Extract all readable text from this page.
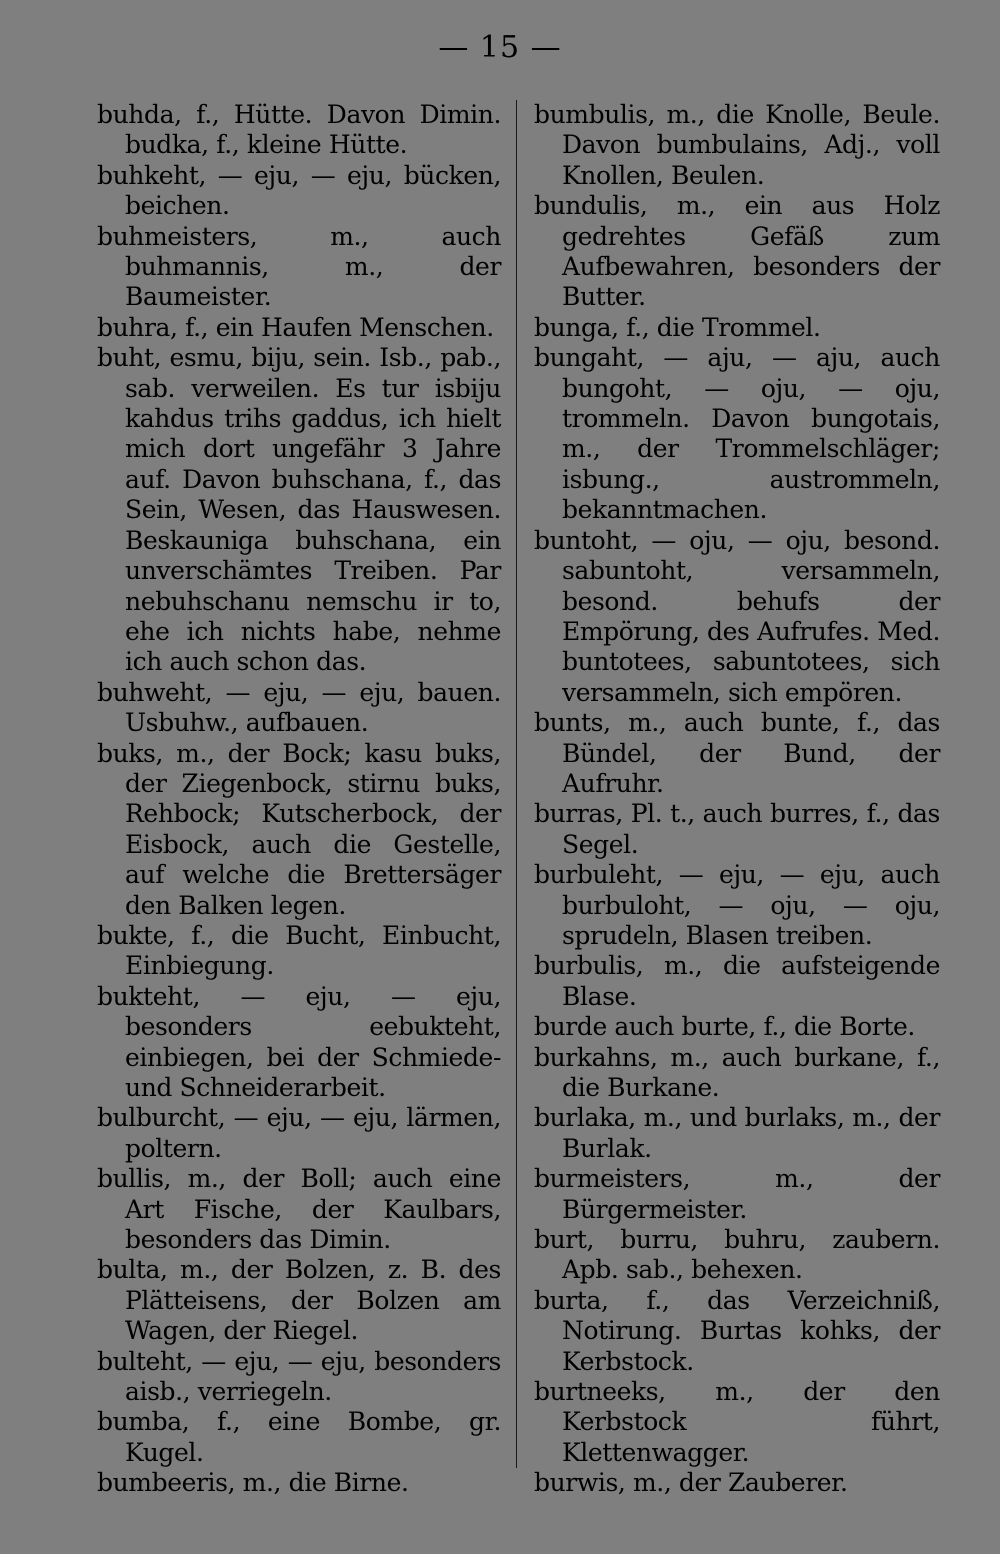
— 15 —

buhda, f., Hütte. Davon Dimin. budka, f., kleine Hütte.

buhkeht, — eju, — eju, bücken, beichen.

buhmeisters, m., auch buhmannis, m., der Baumeister.

buhra, f., ein Haufen Menschen.

buht, esmu, biju, sein. Isb., pab., sab. verweilen. Es tur isbiju kahdus trihs gaddus, ich hielt mich dort ungefähr 3 Jahre auf. Davon buhschana, f., das Sein, Wesen, das Hauswesen. Beskauniga buhschana, ein unverschämtes Treiben. Par nebuhschanu nemschu ir to, ehe ich nichts habe, nehme ich auch schon das.

buhweht, — eju, — eju, bauen. Usbuhw., aufbauen.

buks, m., der Bock; kasu buks, der Ziegenbock, stirnu buks, Rehbock; Kutscherbock, der Eisbock, auch die Gestelle, auf welche die Brettersäger den Balken legen.

bukte, f., die Bucht, Einbucht, Einbiegung.

bukteht, — eju, — eju, besonders eebukteht, einbiegen, bei der Schmiede- und Schneiderarbeit.

bulburcht, — eju, — eju, lärmen, poltern.

bullis, m., der Boll; auch eine Art Fische, der Kaulbars, besonders das Dimin.

bulta, m., der Bolzen, z. B. des Plätteisens, der Bolzen am Wagen, der Riegel.

bulteht, — eju, — eju, besonders aisb., verriegeln.

bumba, f., eine Bombe, gr. Kugel.

bumbeeris, m., die Birne.

bumbulis, m., die Knolle, Beule. Davon bumbulains, Adj., voll Knollen, Beulen.

bundulis, m., ein aus Holz gedrehtes Gefäß zum Aufbewahren, besonders der Butter.

bunga, f., die Trommel.

bungaht, — aju, — aju, auch bungoht, — oju, — oju, trommeln. Davon bungotais, m., der Trommelschläger; isbung., austrommeln, bekanntmachen.

buntoht, — oju, — oju, besond. sabuntoht, versammeln, besond. behufs der Empörung, des Aufrufes. Med. buntotees, sabuntotees, sich versammeln, sich empören.

bunts, m., auch bunte, f., das Bündel, der Bund, der Aufruhr.

burras, Pl. t., auch burres, f., das Segel.

burbuleht, — eju, — eju, auch burbuloht, — oju, — oju, sprudeln, Blasen treiben.

burbulis, m., die aufsteigende Blase.

burde auch burte, f., die Borte.

burkahns, m., auch burkane, f., die Burkane.

burlaka, m., und burlaks, m., der Burlak.

burmeisters, m., der Bürgermeister.

burt, burru, buhru, zaubern. Apb. sab., behexen.

burta, f., das Verzeichniß, Notirung. Burtas kohks, der Kerbstock.

burtneeks, m., der den Kerbstock führt, Klettenwagger.

burwis, m., der Zauberer.
